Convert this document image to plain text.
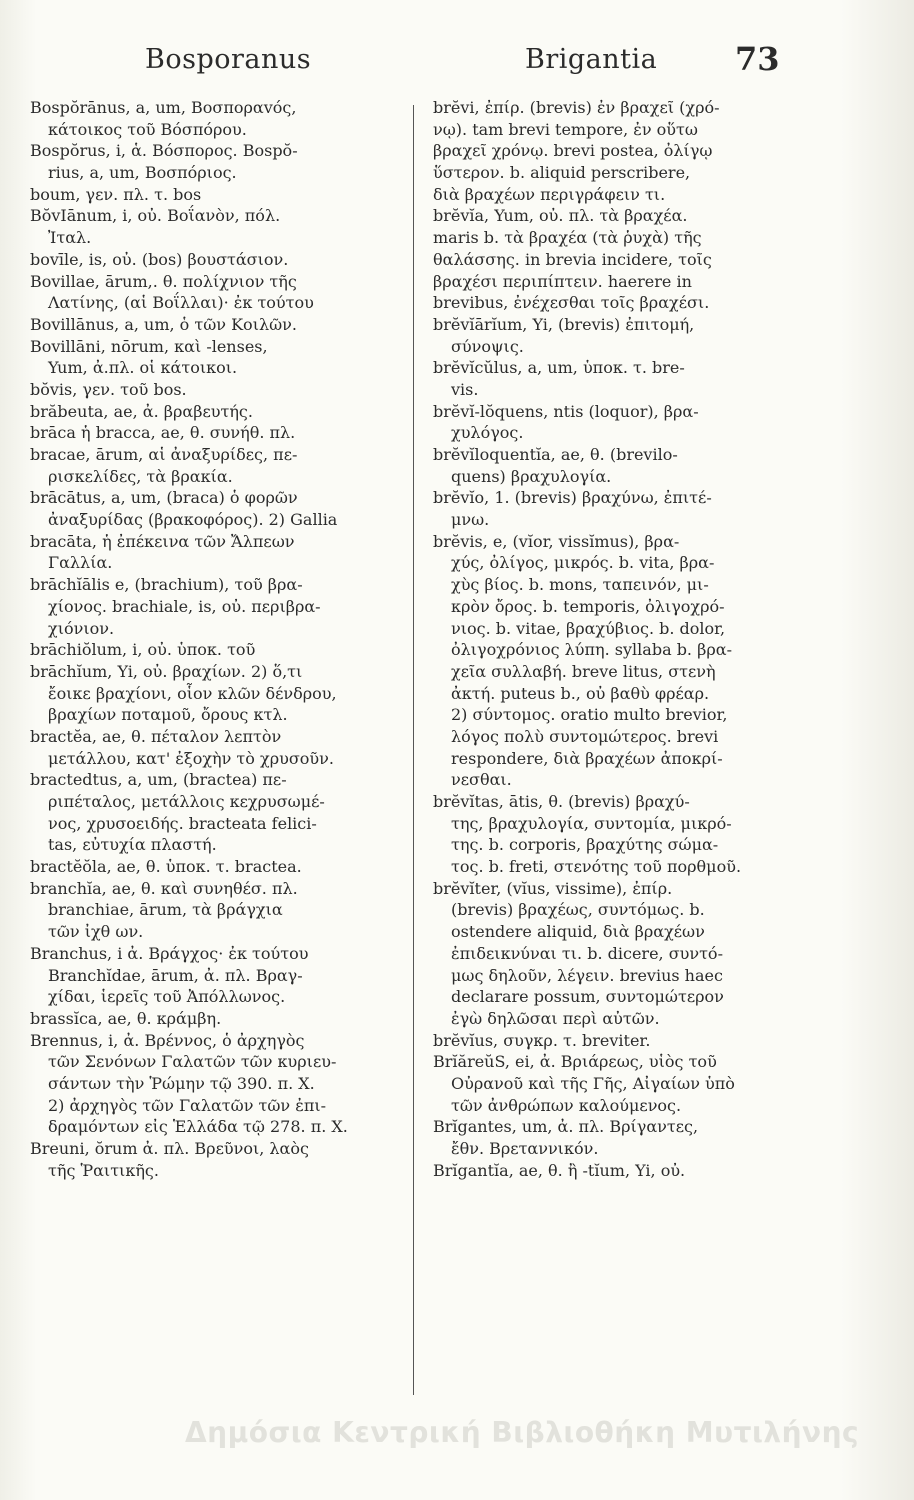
Bosporanus	Brigantia 73
Bospŏrānus, a, um, Βοσποραvός,
κάτοικος τοῦ Βόσπόρου.
Bospŏrus, i, ἁ. Βόσπορος. Bospŏ-
rius, a, um, Βοσπόριος.
boum, γεν. πλ. τ. bos
BŏvIānum, i, οὐ. Βοΐανὸν, πόλ.
Ἰταλ.
bovīle, is, οὐ. (bos) βουστάσιον.
Bovillae, ārum,. θ. πολίχνιον τῆς
Λατίνης, (αἱ Βοΐλλαι)· ἐκ τούτου
Bovillānus, a, um, ὁ τῶν Κοιλῶν.
Bovillāni, nōrum, καὶ -lenses,
Yum, ἀ.πλ. οἱ κάτοικοι.
bŏvis, γεν. τοῦ bos.
brăbeuta, ae, ἀ. βραβευτής.
brāca ἡ bracca, ae, θ. συνήθ. πλ.
bracae, ārum, αἱ ἀναξυρίδες, πε-
ρισκελίδες, τὰ βρακία.
brācātus, a, um, (braca) ὁ φορῶν
ἀναξυρίδας (βρακοφόρος). 2) Gallia
bracāta, ἡ ἐπέκεινα τῶν Ἄλπεων
Γαλλία.
brāchĭālis e, (brachium), τοῦ βρα-
χίονος. brachiale, is, οὐ. περιβρα-
χιόνιον.
brāchiŏlum, i, οὐ. ὑποκ. τοῦ
brāchĭum, Yi, οὐ. βραχίων. 2) ὅ,τι
ἔοικε βραχίονι, οἷον κλῶν δένδρου,
βραχίων ποταμοῦ, ὄρους κτλ.
bractĕa, ae, θ. πέταλον λεπτὸν
μετάλλου, κατ' ἐξοχὴν τὸ χρυσοῦν.
bractedtus, a, um, (bractea) πε-
ριπέταλος, μετάλλοις κεχρυσωμέ-
νος, χρυσοειδής. bracteata felici-
tas, εὐτυχία πλαστή.
bractĕŏla, ae, θ. ὑποκ. τ. bractea.
branchĭa, ae, θ. καὶ συνηθέσ. πλ.
branchiae, ārum, τὰ βράγχια
τῶν ἰχθ ων.
Branchus, i ἀ. Βράγχος· ἐκ τούτου
Branchĭdae, ārum, ἀ. πλ. Βραγ-
χίδαι, ἱερεῖς τοῦ Ἀπόλλωνος.
brassĭca, ae, θ. κράμβη.
Brennus, i, ἀ. Βρέννος, ὁ ἀρχηγὸς
τῶν Σενόνων Γαλατῶν τῶν κυριευ-
σάντων τὴν Ῥώμην τῷ 390. π. Χ.
2) ἀρχηγὸς τῶν Γαλατῶν τῶν ἐπι-
δραμόντων εἰς Ἑλλάδα τῷ 278. π. Χ.
Breuni, ŏrum ἀ. πλ. Βρεῦνοι, λαὸς
τῆς Ῥαιτικῆς.
brĕvi, ἐπίρ. (brevis) ἐν βραχεῖ (χρό-
νῳ). tam brevi tempore, ἐν οὕτω
βραχεῖ χρόνῳ. brevi postea, ὀλίγῳ
ὕστερον. b. aliquid perscribere,
διὰ βραχέων περιγράφειν τι.
brĕvĭa, Yum, οὐ. πλ. τὰ βραχέα.
maris b. τὰ βραχέα (τὰ ῥυχὰ) τῆς
θαλάσσης. in brevia incidere, τοῖς
βραχέσι περιπίπτειν. haerere in
brevibus, ἐνέχεσθαι τοῖς βραχέσι.
brĕvĭārĭum, Yi, (brevis) ἐπιτομή,
σύνοψις.
brĕvĭcŭlus, a, um, ὑποκ. τ. bre-
vis.
brĕvĭ-lŏquens, ntis (loquor), βρα-
χυλόγος.
brĕvĭloquentĭa, ae, θ. (brevilo-
quens) βραχυλογία.
brĕvĭo, 1. (brevis) βραχύνω, ἐπιτέ-
μνω.
brĕvis, e, (vĭor, vissĭmus), βρα-
χύς, ὀλίγος, μικρός. b. vita, βρα-
χὺς βίος. b. mons, ταπεινόν, μι-
κρὸν ὄρος. b. temporis, ὀλιγοχρό-
νιος. b. vitae, βραχύβιος. b. dolor,
ὀλιγοχρόνιος λύπη. syllaba b. βρα-
χεῖα συλλαβή. breve litus, στενὴ
ἀκτή. puteus b., οὐ βαθὺ φρέαρ.
2) σύντομος. oratio multo brevior,
λόγος πολὺ συντομώτερος. brevi
respondere, διὰ βραχέων ἀποκρί-
νεσθαι.
brĕvĭtas, ātis, θ. (brevis) βραχύ-
της, βραχυλογία, συντομία, μικρό-
της. b. corporis, βραχύτης σώμα-
τος. b. freti, στενότης τοῦ πορθμοῦ.
brĕvĭter, (vĭus, vissime), ἐπίρ.
(brevis) βραχέως, συντόμως. b.
ostendere aliquid, διὰ βραχέων
ἐπιδεικνύναι τι. b. dicere, συντό-
μως δηλοῦν, λέγειν. brevius haec
declarare possum, συντομώτερον
ἐγὼ δηλῶσαι περὶ αὐτῶν.
brĕvĭus, συγκρ. τ. breviter.
BrĭăreŭS, ei, ἀ. Βριάρεως, υἱὸς τοῦ
Οὐρανοῦ καὶ τῆς Γῆς, Αἰγαίων ὑπὸ
τῶν ἀνθρώπων καλούμενος.
Brĭgantes, um, ἀ. πλ. Βρίγαντες,
ἔθν. Βρεταννικόν.
Brĭgantĭa, ae, θ. ἢ -tĭum, Yi, οὐ.
Δημόσια Κεντρική Βιβλιοθήκη Μυτιλήνης
